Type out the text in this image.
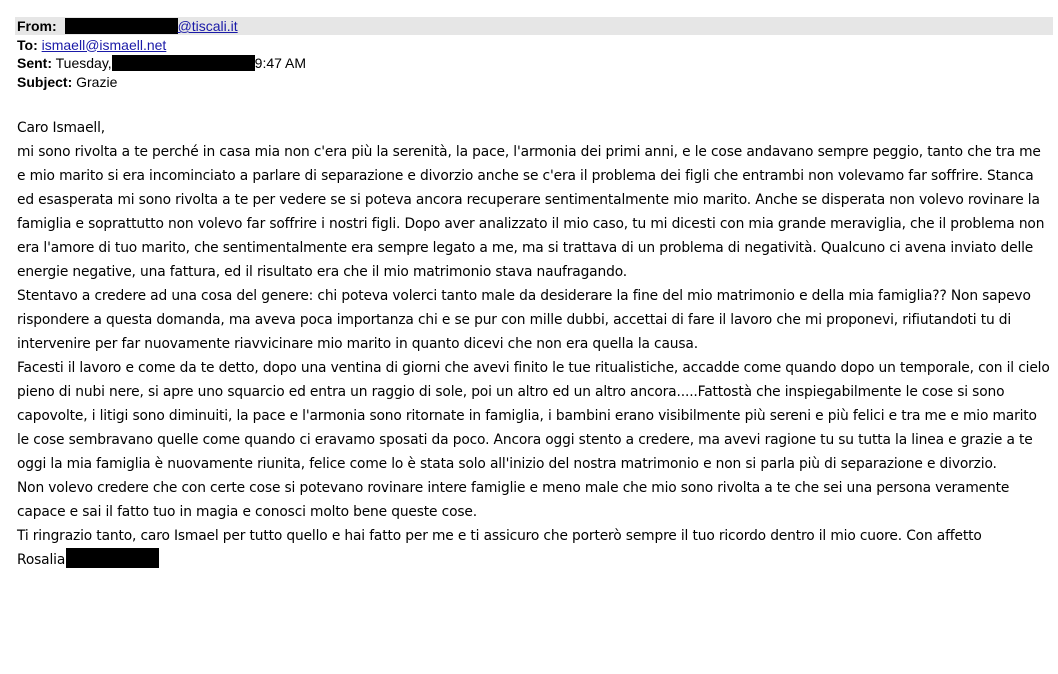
From:	@tiscali.it
To: ismaell@ismaell.net
Sent: Tuesday,	9:47 AM
Subject: Grazie

Caro Ismaell,

mi sono rivolta a te perché in casa mia non c'era più la serenità, la pace, l'armonia dei primi anni, e le cose andavano sempre peggio, tanto che tra me e mio marito si era incominciato a parlare di separazione e divorzio anche se c'era il problema dei figli che entrambi non volevamo far soffrire. Stanca ed esasperata mi sono rivolta a te per vedere se si poteva ancora recuperare sentimentalmente mio marito. Anche se disperata non volevo rovinare la famiglia e soprattutto non volevo far soffrire i nostri figli. Dopo aver analizzato il mio caso, tu mi dicesti con mia grande meraviglia, che il problema non era l'amore di tuo marito, che sentimentalmente era sempre legato a me, ma si trattava di un problema di negatività. Qualcuno ci avena inviato delle energie negative, una fattura, ed il risultato era che il mio matrimonio stava naufragando.

Stentavo a credere ad una cosa del genere: chi poteva volerci tanto male da desiderare la fine del mio matrimonio e della mia famiglia?? Non sapevo rispondere a questa domanda, ma aveva poca importanza chi e se pur con mille dubbi, accettai di fare il lavoro che mi proponevi, rifiutandoti tu di intervenire per far nuovamente riavvicinare mio marito in quanto dicevi che non era quella la causa.

Facesti il lavoro e come da te detto, dopo una ventina di giorni che avevi finito le tue ritualistiche, accadde come quando dopo un temporale, con il cielo pieno di nubi nere, si apre uno squarcio ed entra un raggio di sole, poi un altro ed un altro ancora.....Fattostà che inspiegabilmente le cose si sono capovolte, i litigi sono diminuiti, la pace e l'armonia sono ritornate in famiglia, i bambini erano visibilmente più sereni e più felici e tra me e mio marito le cose sembravano quelle come quando ci eravamo sposati da poco. Ancora oggi stento a credere, ma avevi ragione tu su tutta la linea e grazie a te oggi la mia famiglia è nuovamente riunita, felice come lo è stata solo all'inizio del nostra matrimonio e non si parla più di separazione e divorzio.

Non volevo credere che con certe cose si potevano rovinare intere famiglie e meno male che mio sono rivolta a te che sei una persona veramente capace e sai il fatto tuo in magia e conosci molto bene queste cose.

Ti ringrazio tanto, caro Ismael per tutto quello e hai fatto per me e ti assicuro che porterò sempre il tuo ricordo dentro il mio cuore. Con affetto

Rosalia
